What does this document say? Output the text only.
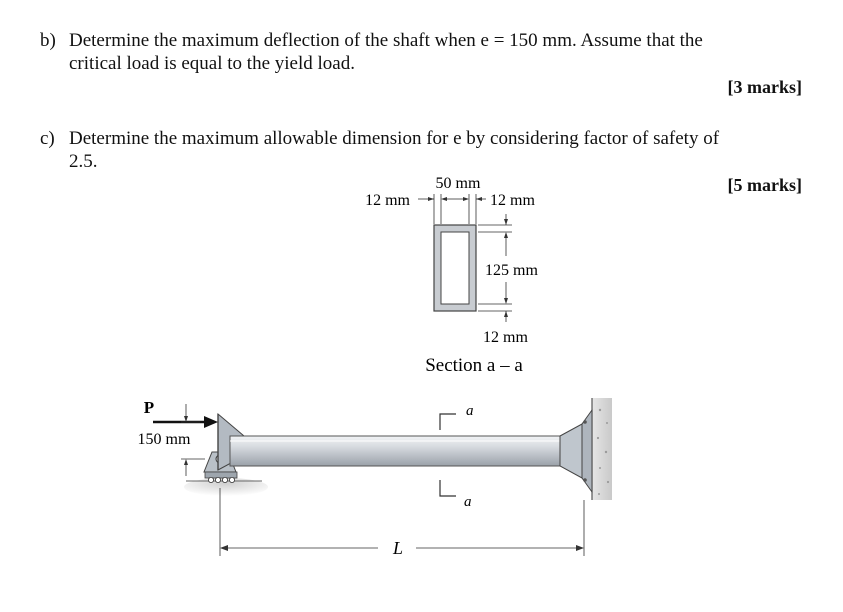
b) Determine the maximum deflection of the shaft when e = 150 mm. Assume that the
critical load is equal to the yield load.
[3 marks]
c) Determine the maximum allowable dimension for e by considering factor of safety of
2.5.
[5 marks]
50 mm
12 mm	12 mm
125 mm
12 mm
Section a – a
P
150 mm
a
a
L
